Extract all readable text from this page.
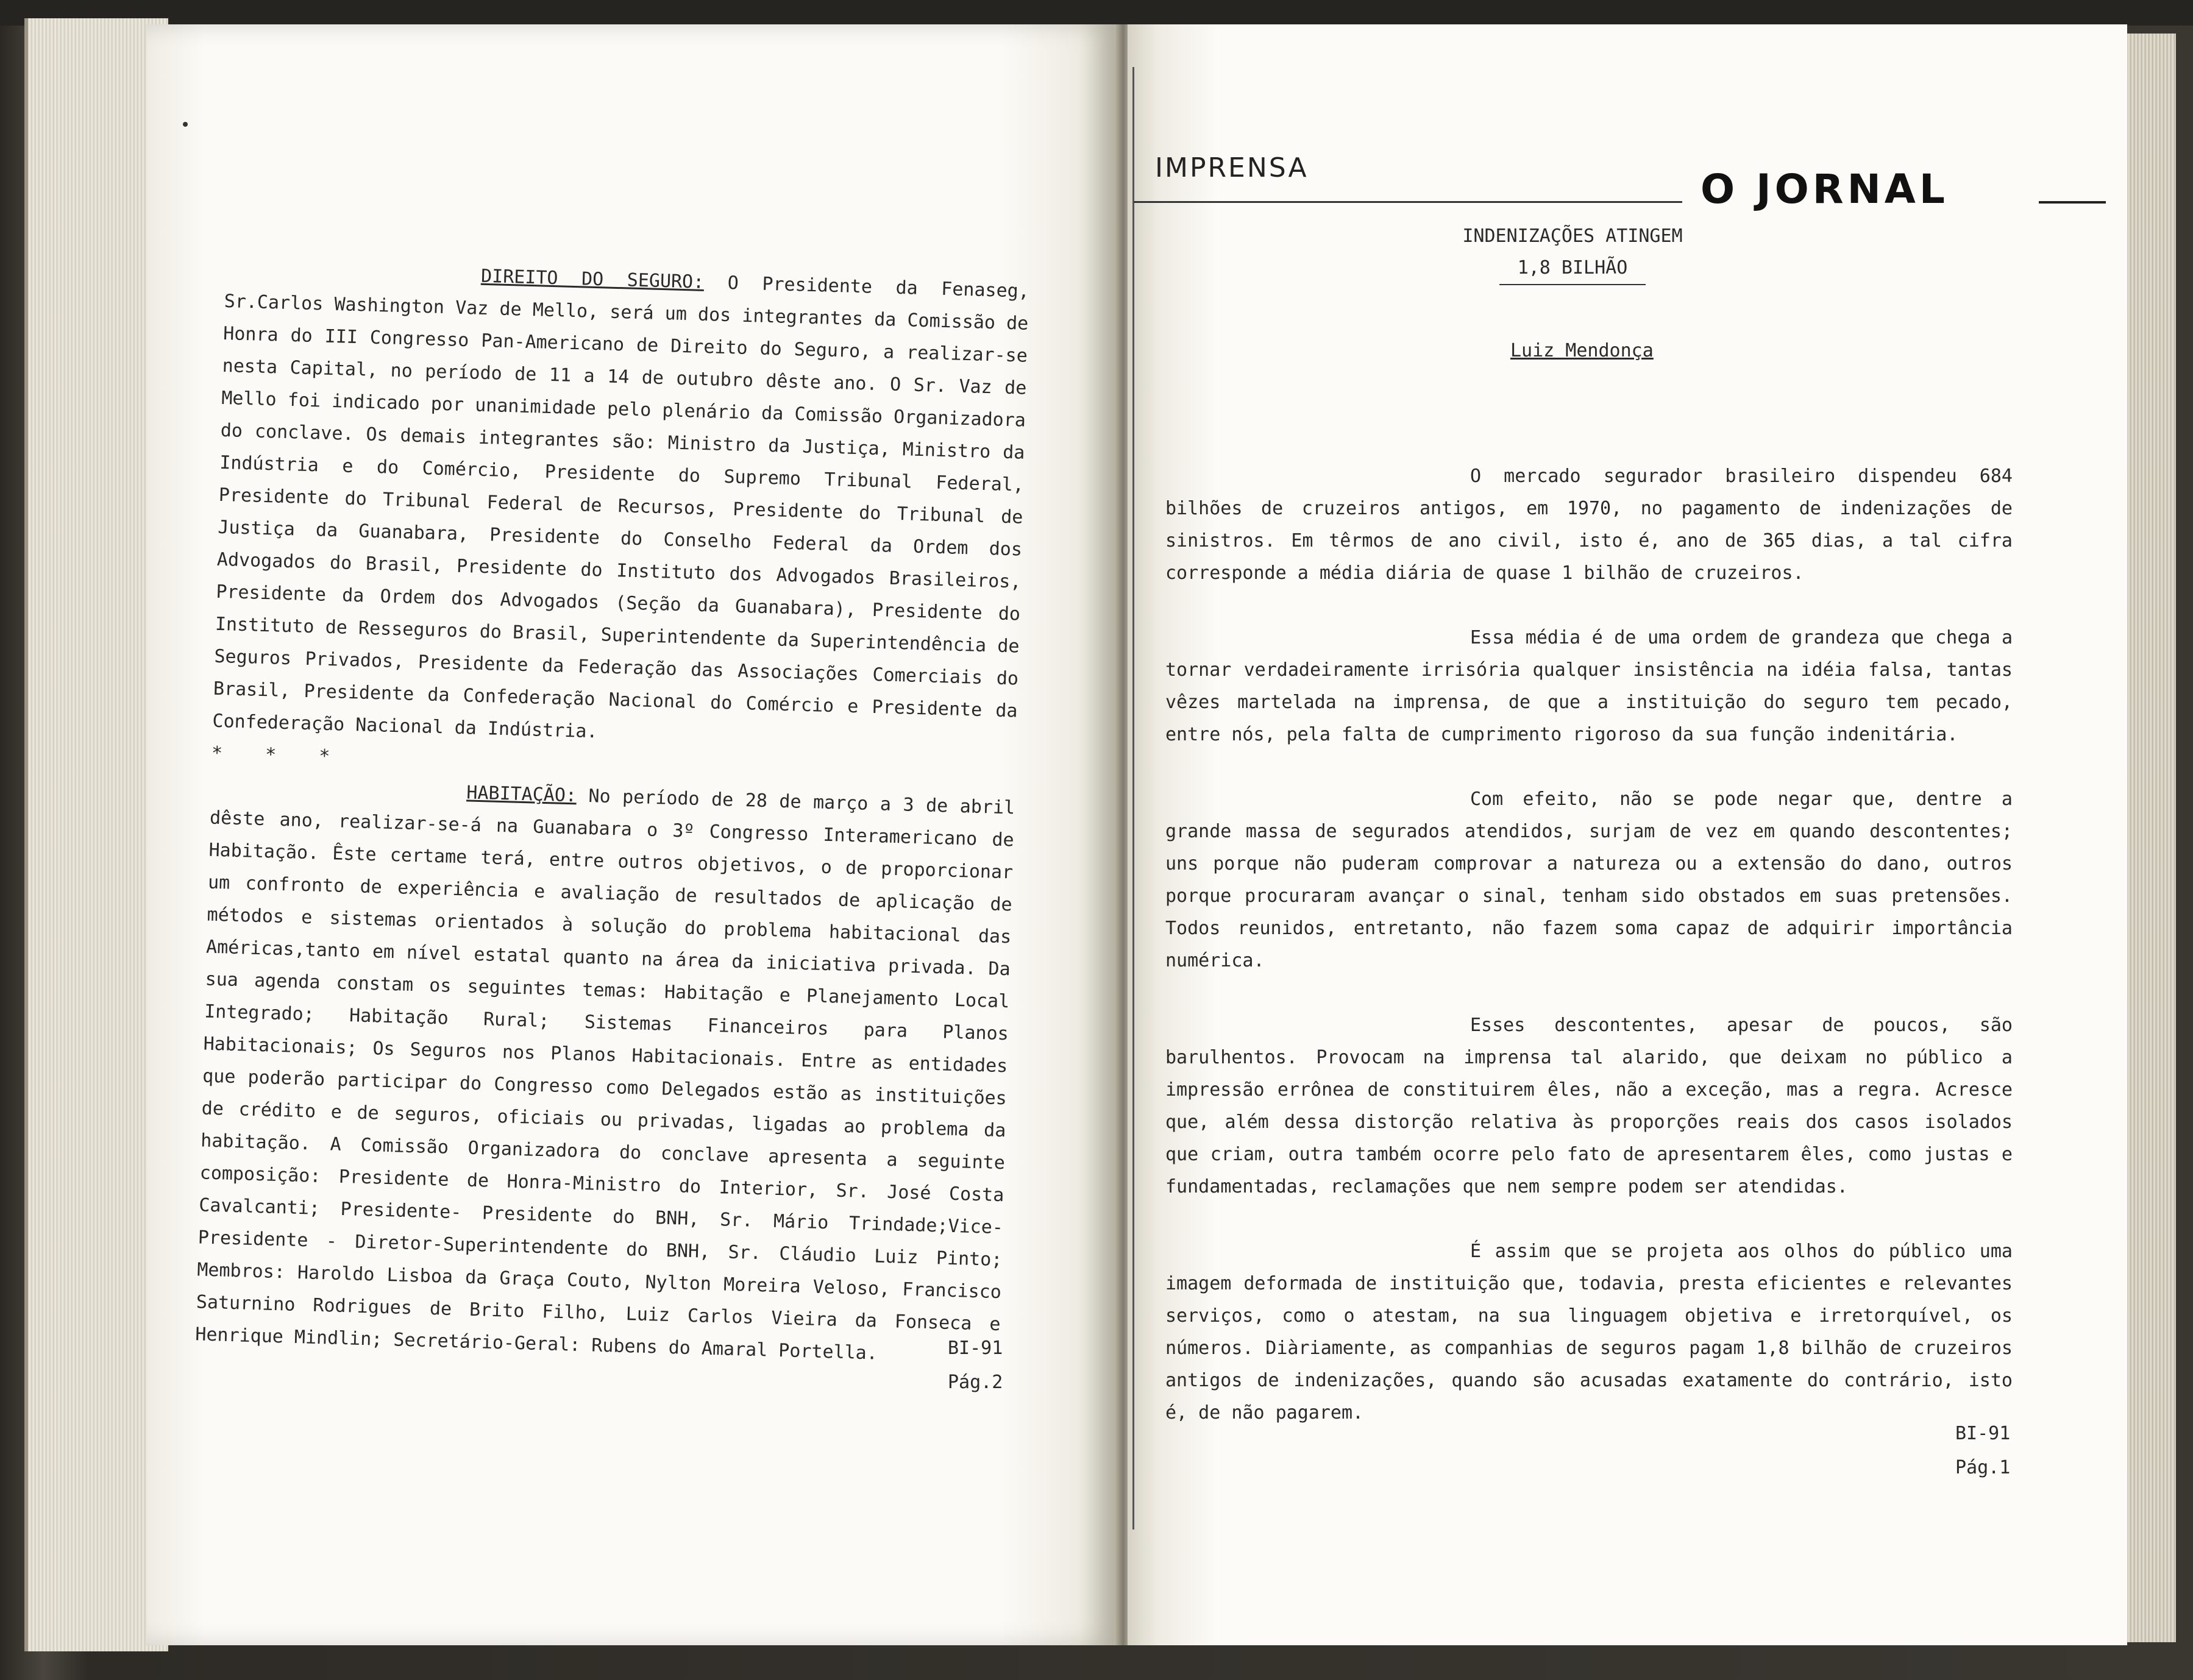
DIREITO DO SEGURO: O Presidente da Fenaseg, Sr.Carlos Washington Vaz de Mello, será um dos integrantes da Comissão de Honra do III Congresso Pan-Americano de Direito do Seguro, a realizar-se nesta Capital, no período de 11 a 14 de outubro dêste ano. O Sr. Vaz de Mello foi indicado por unanimidade pelo plenário da Comissão Organizadora do conclave. Os demais integrantes são: Ministro da Justiça, Ministro da Indústria e do Comércio, Presidente do Supremo Tribunal Federal, Presidente do Tribunal Federal de Recursos, Presidente do Tribunal de Justiça da Guanabara, Presidente do Conselho Federal da Ordem dos Advogados do Brasil, Presidente do Instituto dos Advogados Brasileiros, Presidente da Ordem dos Advogados (Seção da Guanabara), Presidente do Instituto de Resseguros do Brasil, Superintendente da Superintendência de Seguros Privados, Presidente da Federação das Associações Comerciais do Brasil, Presidente da Confederação Nacional do Comércio e Presidente da Confederação Nacional da Indústria.

* * *

HABITAÇÃO: No período de 28 de março a 3 de abril dêste ano, realizar-se-á na Guanabara o 3º Congresso Interamericano de Habitação. Êste certame terá, entre outros objetivos, o de proporcionar um confronto de experiência e avaliação de resultados de aplicação de métodos e sistemas orientados à solução do problema habitacional das Américas,tanto em nível estatal quanto na área da iniciativa privada. Da sua agenda constam os seguintes temas: Habitação e Planejamento Local Integrado; Habitação Rural; Sistemas Financeiros para Planos Habitacionais; Os Seguros nos Planos Habitacionais. Entre as entidades que poderão participar do Congresso como Delegados estão as instituições de crédito e de seguros, oficiais ou privadas, ligadas ao problema da habitação. A Comissão Organizadora do conclave apresenta a seguinte composição: Presidente de Honra-Ministro do Interior, Sr. José Costa Cavalcanti; Presidente- Presidente do BNH, Sr. Mário Trindade;Vice-Presidente - Diretor-Superintendente do BNH, Sr. Cláudio Luiz Pinto; Membros: Haroldo Lisboa da Graça Couto, Nylton Moreira Veloso, Francisco Saturnino Rodrigues de Brito Filho, Luiz Carlos Vieira da Fonseca e Henrique Mindlin; Secretário-Geral: Rubens do Amaral Portella.	BI-91
Pág.2
IMPRENSA	O JORNAL
INDENIZAÇÕES ATINGEM
1,8 BILHÃO
Luiz Mendonça

O mercado segurador brasileiro dispendeu 684 bilhões de cruzeiros antigos, em 1970, no pagamento de indenizações de sinistros. Em têrmos de ano civil, isto é, ano de 365 dias, a tal cifra corresponde a média diária de quase 1 bilhão de cruzeiros.

Essa média é de uma ordem de grandeza que chega a tornar verdadeiramente irrisória qualquer insistência na idéia falsa, tantas vêzes martelada na imprensa, de que a instituição do seguro tem pecado, entre nós, pela falta de cumprimento rigoroso da sua função indenitária.

Com efeito, não se pode negar que, dentre a grande massa de segurados atendidos, surjam de vez em quando descontentes; uns porque não puderam comprovar a natureza ou a extensão do dano, outros porque procuraram avançar o sinal, tenham sido obstados em suas pretensões. Todos reunidos, entretanto, não fazem soma capaz de adquirir importância numérica.

Esses descontentes, apesar de poucos, são barulhentos. Provocam na imprensa tal alarido, que deixam no público a impressão errônea de constituirem êles, não a exceção, mas a regra. Acresce que, além dessa distorção relativa às proporções reais dos casos isolados que criam, outra também ocorre pelo fato de apresentarem êles, como justas e fundamentadas, reclamações que nem sempre podem ser atendidas.

É assim que se projeta aos olhos do público uma imagem deformada de instituição que, todavia, presta eficientes e relevantes serviços, como o atestam, na sua linguagem objetiva e irretorquível, os números. Diàriamente, as companhias de seguros pagam 1,8 bilhão de cruzeiros antigos de indenizações, quando são acusadas exatamente do contrário, isto é, de não pagarem.

BI-91
Pág.1
